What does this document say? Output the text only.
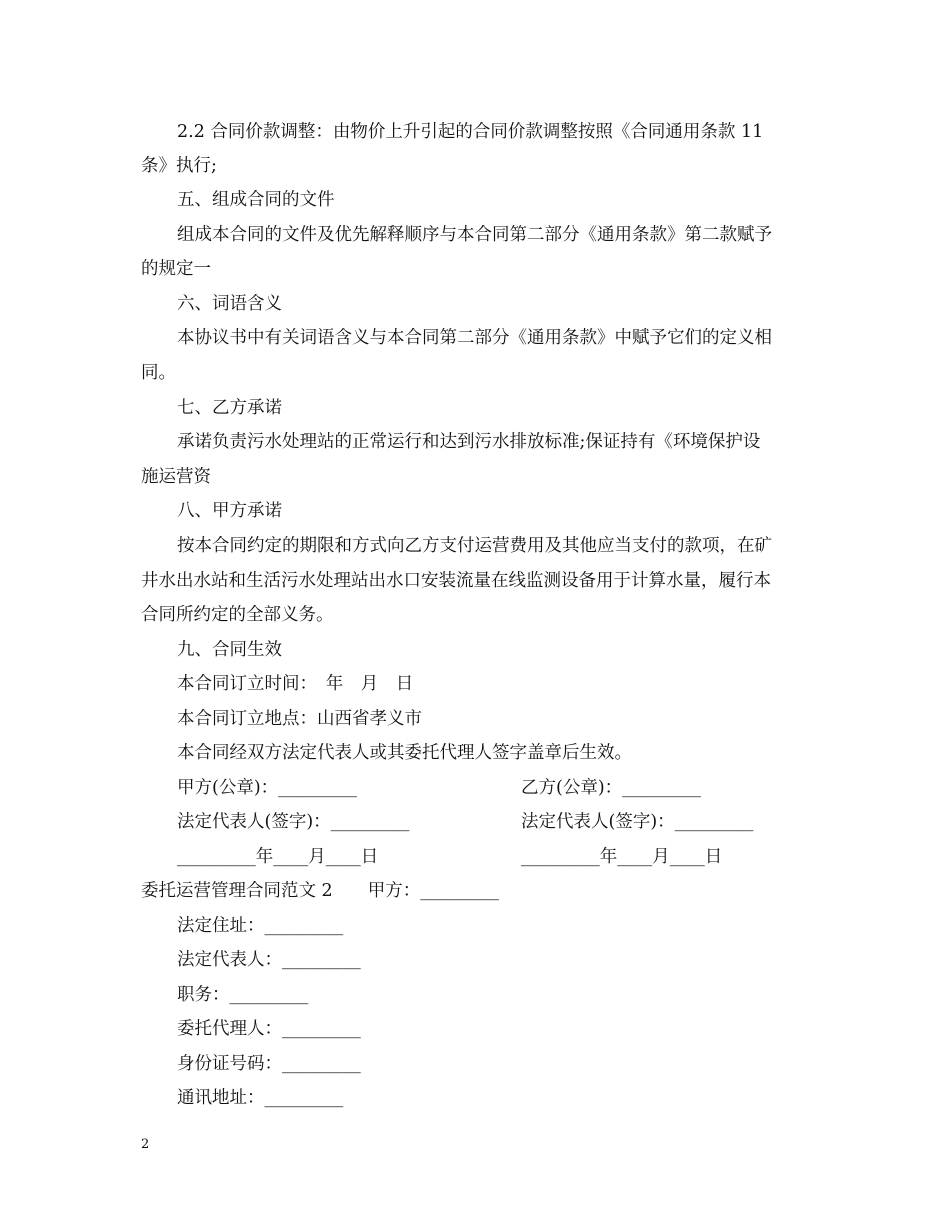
2.2 合同价款调整：由物价上升引起的合同价款调整按照《合同通用条款 11
条》执行;
五、组成合同的文件
组成本合同的文件及优先解释顺序与本合同第二部分《通用条款》第二款赋予
的规定一
六、词语含义
本协议书中有关词语含义与本合同第二部分《通用条款》中赋予它们的定义相
同。
七、乙方承诺
承诺负责污水处理站的正常运行和达到污水排放标准;保证持有《环境保护设
施运营资
八、甲方承诺
按本合同约定的期限和方式向乙方支付运营费用及其他应当支付的款项，在矿
井水出水站和生活污水处理站出水口安装流量在线监测设备用于计算水量，履行本
合同所约定的全部义务。
九、合同生效
本合同订立时间：　年　月　日
本合同订立地点：山西省孝义市
本合同经双方法定代表人或其委托代理人签字盖章后生效。
甲方(公章)：_________	乙方(公章)：_________
法定代表人(签字)：_________	法定代表人(签字)：_________
_________年____月____日	_________年____月____日
委托运营管理合同范文 2　　甲方：_________
法定住址：_________
法定代表人：_________
职务：_________
委托代理人：_________
身份证号码：_________
通讯地址：_________
2
